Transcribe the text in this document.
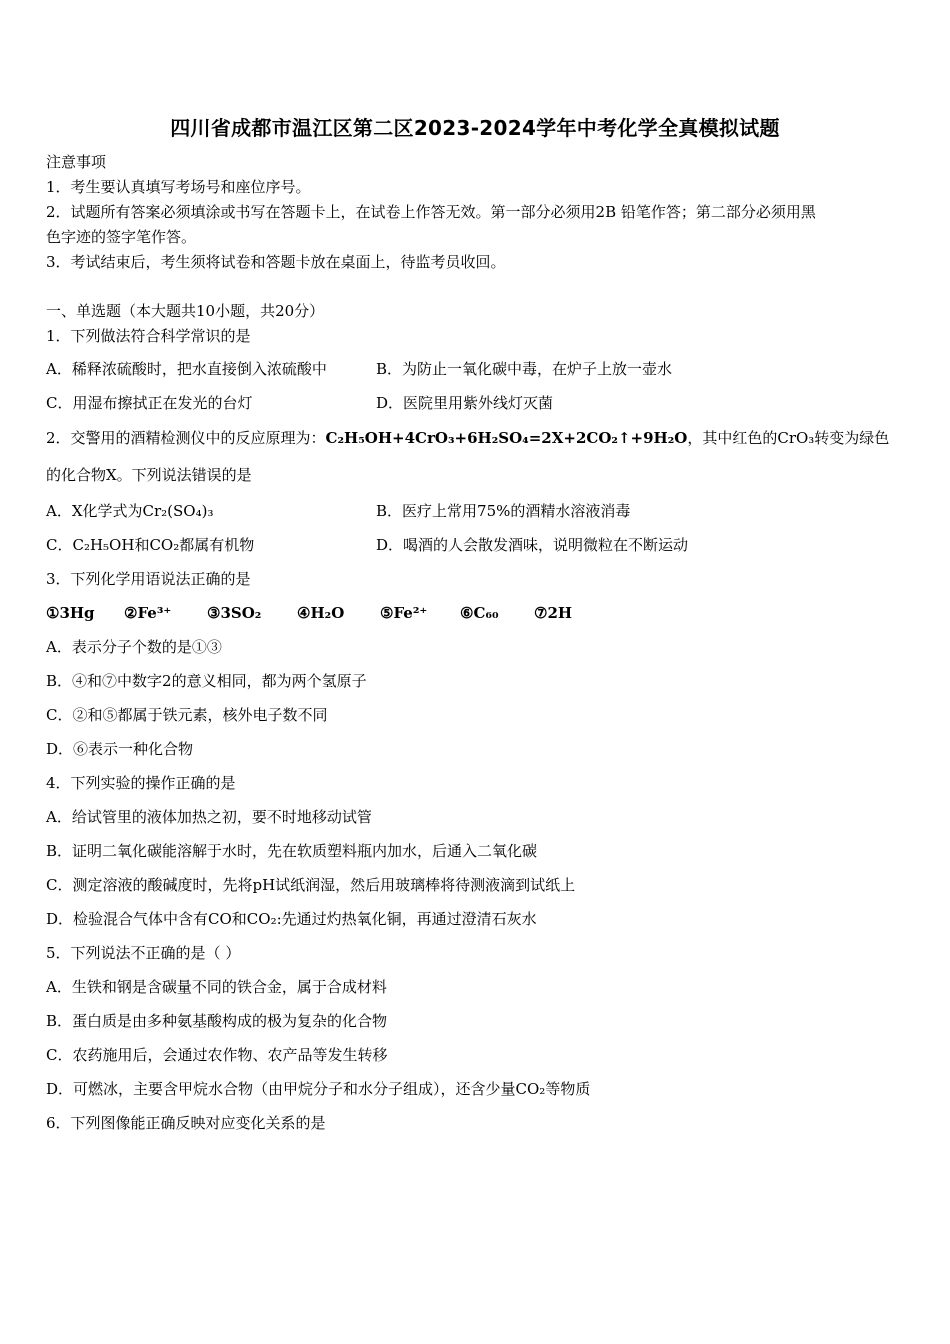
四川省成都市温江区第二区2023-2024学年中考化学全真模拟试题
注意事项
1．考生要认真填写考场号和座位序号。
2．试题所有答案必须填涂或书写在答题卡上，在试卷上作答无效。第一部分必须用2B 铅笔作答；第二部分必须用黑
色字迹的签字笔作答。
3．考试结束后，考生须将试卷和答题卡放在桌面上，待监考员收回。
一、单选题（本大题共10小题，共20分）
1．下列做法符合科学常识的是
A．稀释浓硫酸时，把水直接倒入浓硫酸中	B．为防止一氧化碳中毒，在炉子上放一壶水
C．用湿布擦拭正在发光的台灯	D．医院里用紫外线灯灭菌
2．交警用的酒精检测仪中的反应原理为：C₂H₅OH+4CrO₃+6H₂SO₄=2X+2CO₂↑+9H₂O，其中红色的CrO₃转变为绿色
的化合物X。下列说法错误的是
A．X化学式为Cr₂(SO₄)₃	B．医疗上常用75%的酒精水溶液消毒
C．C₂H₅OH和CO₂都属有机物	D．喝酒的人会散发酒味，说明微粒在不断运动
3．下列化学用语说法正确的是
①3Hg ②Fe³⁺ ③3SO₂ ④H₂O ⑤Fe²⁺ ⑥C₆₀ ⑦2H
A．表示分子个数的是①③
B．④和⑦中数字2的意义相同，都为两个氢原子
C．②和⑤都属于铁元素，核外电子数不同
D．⑥表示一种化合物
4．下列实验的操作正确的是
A．给试管里的液体加热之初，要不时地移动试管
B．证明二氧化碳能溶解于水时，先在软质塑料瓶内加水，后通入二氧化碳
C．测定溶液的酸碱度时，先将pH试纸润湿，然后用玻璃棒将待测液滴到试纸上
D．检验混合气体中含有CO和CO₂:先通过灼热氧化铜，再通过澄清石灰水
5．下列说法不正确的是（ ）
A．生铁和钢是含碳量不同的铁合金，属于合成材料
B．蛋白质是由多种氨基酸构成的极为复杂的化合物
C．农药施用后，会通过农作物、农产品等发生转移
D．可燃冰，主要含甲烷水合物（由甲烷分子和水分子组成），还含少量CO₂等物质
6．下列图像能正确反映对应变化关系的是
